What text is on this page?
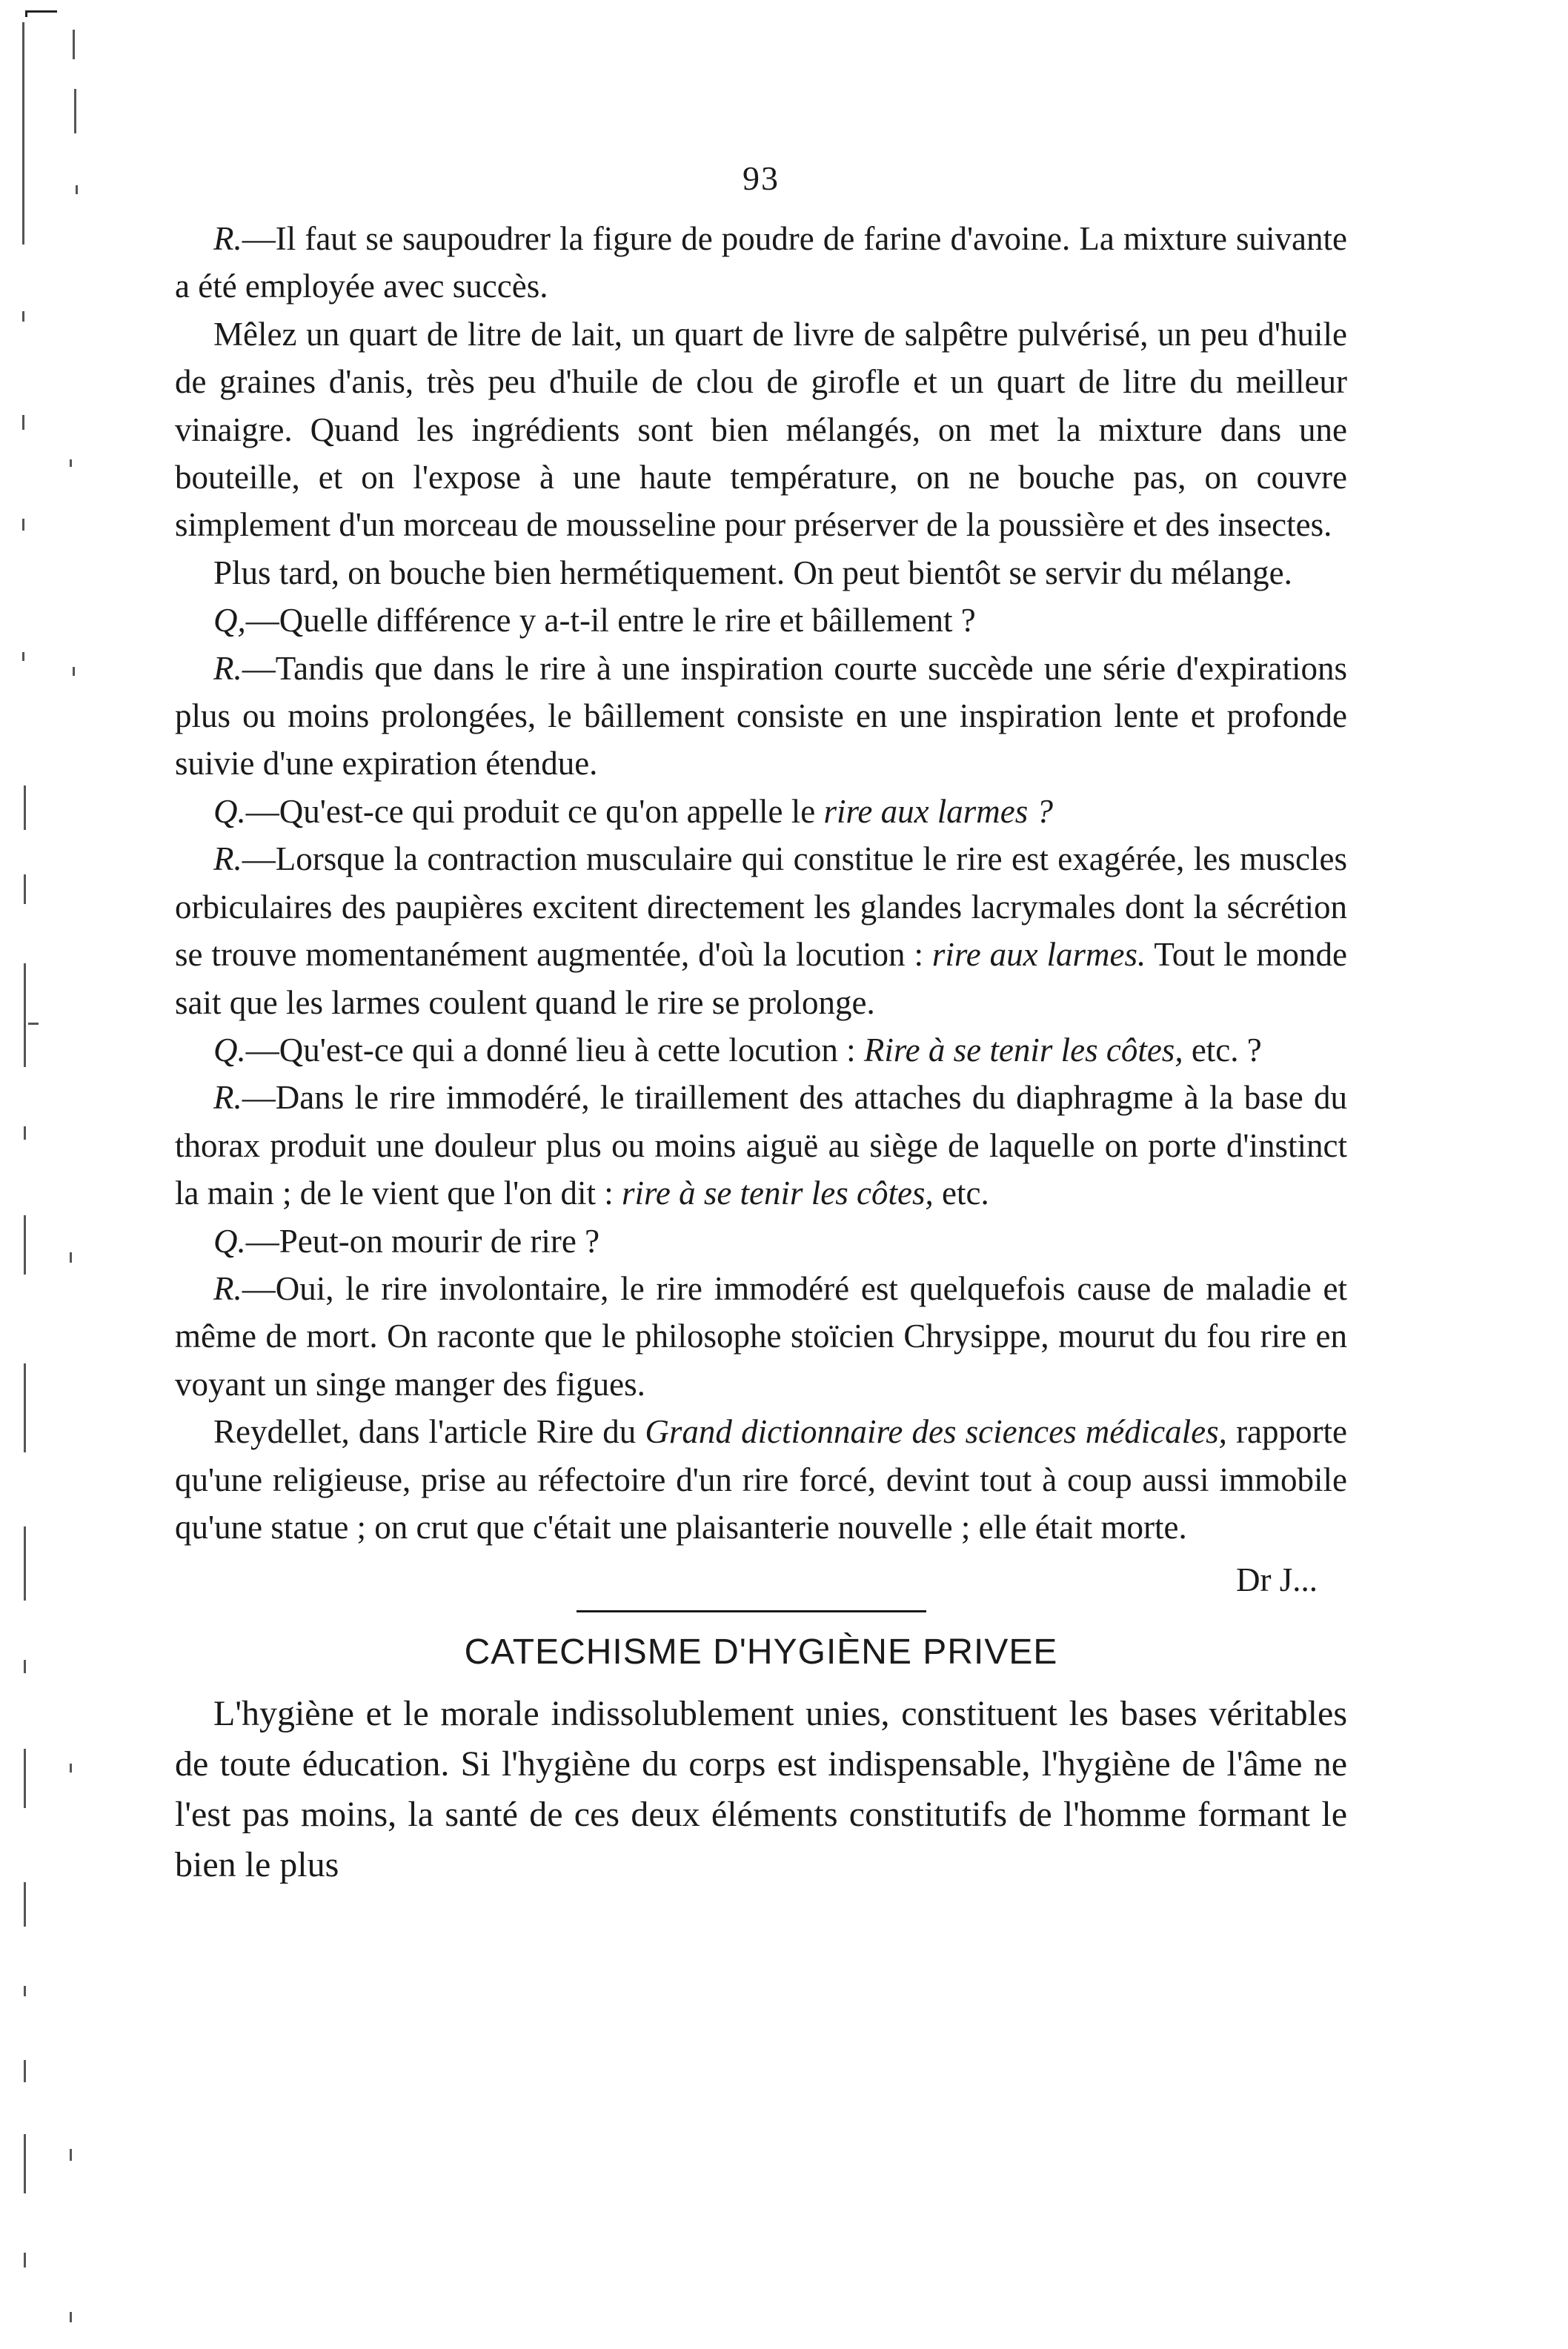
93

R.—Il faut se saupoudrer la figure de poudre de farine d'avoine. La mixture suivante a été employée avec succès.

Mêlez un quart de litre de lait, un quart de livre de salpêtre pulvérisé, un peu d'huile de graines d'anis, très peu d'huile de clou de girofle et un quart de litre du meilleur vinaigre. Quand les ingrédients sont bien mélangés, on met la mixture dans une bouteille, et on l'expose à une haute température, on ne bouche pas, on couvre simplement d'un morceau de mousseline pour préserver de la poussière et des insectes.

Plus tard, on bouche bien hermétiquement. On peut bientôt se servir du mélange.

Q,—Quelle différence y a-t-il entre le rire et bâillement ?

R.—Tandis que dans le rire à une inspiration courte succède une série d'expirations plus ou moins prolongées, le bâillement consiste en une inspiration lente et profonde suivie d'une expiration étendue.

Q.—Qu'est-ce qui produit ce qu'on appelle le rire aux larmes ?

R.—Lorsque la contraction musculaire qui constitue le rire est exagérée, les muscles orbiculaires des paupières excitent directement les glandes lacrymales dont la sécrétion se trouve momentanément augmentée, d'où la locution : rire aux larmes. Tout le monde sait que les larmes coulent quand le rire se prolonge.

Q.—Qu'est-ce qui a donné lieu à cette locution : Rire à se tenir les côtes, etc. ?

R.—Dans le rire immodéré, le tiraillement des attaches du diaphragme à la base du thorax produit une douleur plus ou moins aiguë au siège de laquelle on porte d'instinct la main ; de le vient que l'on dit : rire à se tenir les côtes, etc.

Q.—Peut-on mourir de rire ?

R.—Oui, le rire involontaire, le rire immodéré est quelquefois cause de maladie et même de mort. On raconte que le philosophe stoïcien Chrysippe, mourut du fou rire en voyant un singe manger des figues.

Reydellet, dans l'article Rire du Grand dictionnaire des sciences médicales, rapporte qu'une religieuse, prise au réfectoire d'un rire forcé, devint tout à coup aussi immobile qu'une statue ; on crut que c'était une plaisanterie nouvelle ; elle était morte.

Dr J...
CATECHISME D'HYGIÈNE PRIVEE

L'hygiène et le morale indissolublement unies, constituent les bases véritables de toute éducation. Si l'hygiène du corps est indispensable, l'hygiène de l'âme ne l'est pas moins, la santé de ces deux éléments constitutifs de l'homme formant le bien le plus
